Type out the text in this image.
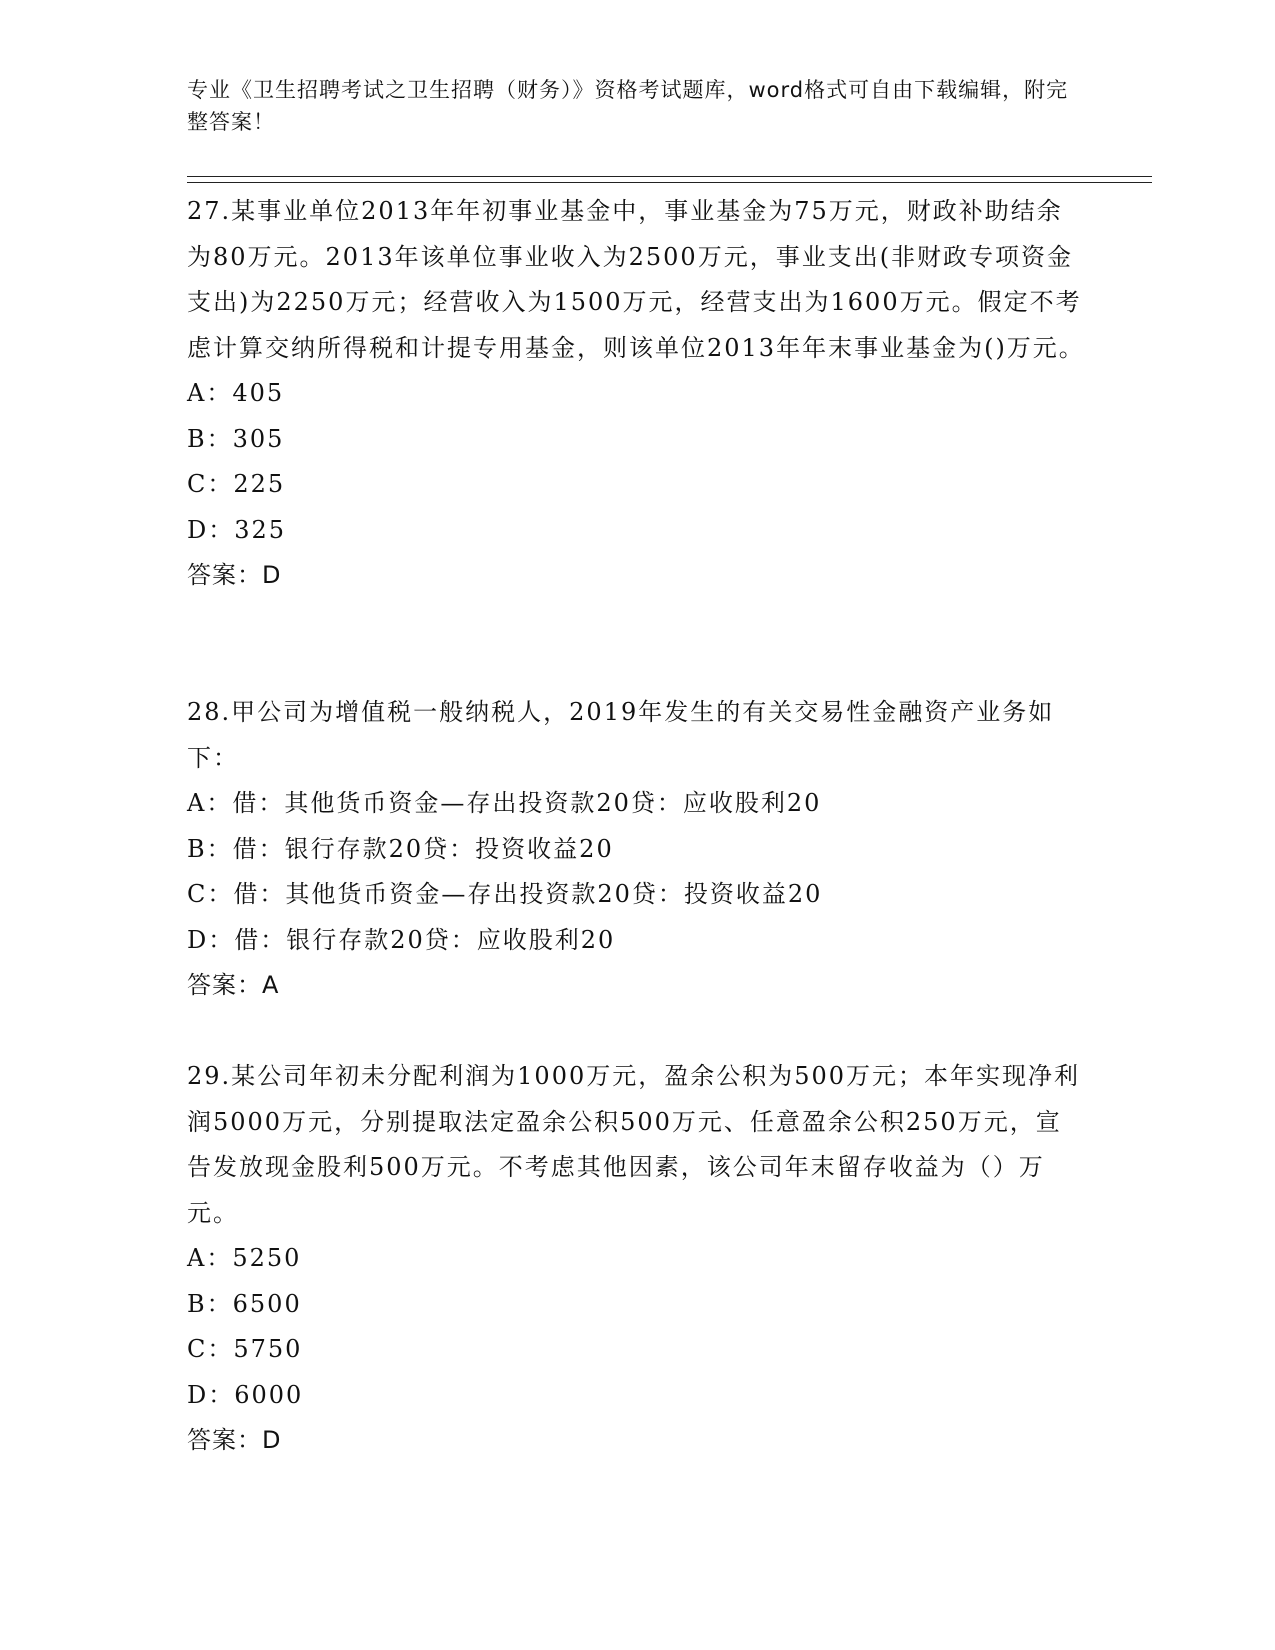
专业《卫生招聘考试之卫生招聘（财务）》资格考试题库，word格式可自由下载编辑，附完整答案！
27.某事业单位2013年年初事业基金中，事业基金为75万元，财政补助结余为80万元。2013年该单位事业收入为2500万元，事业支出(非财政专项资金支出)为2250万元；经营收入为1500万元，经营支出为1600万元。假定不考虑计算交纳所得税和计提专用基金，则该单位2013年年末事业基金为()万元。
A：405
B：305
C：225
D：325
答案：D
28.甲公司为增值税一般纳税人，2019年发生的有关交易性金融资产业务如下：
A：借：其他货币资金—存出投资款20贷：应收股利20
B：借：银行存款20贷：投资收益20
C：借：其他货币资金—存出投资款20贷：投资收益20
D：借：银行存款20贷：应收股利20
答案：A
29.某公司年初未分配利润为1000万元，盈余公积为500万元；本年实现净利润5000万元，分别提取法定盈余公积500万元、任意盈余公积250万元，宣告发放现金股利500万元。不考虑其他因素，该公司年末留存收益为（）万元。
A：5250
B：6500
C：5750
D：6000
答案：D
